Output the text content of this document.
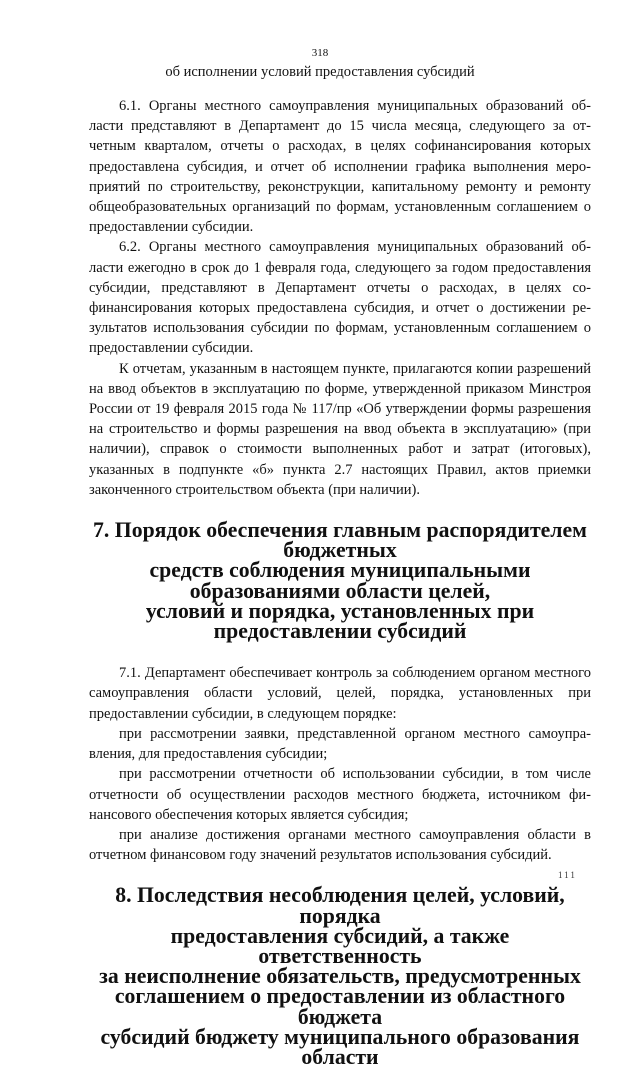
318
об исполнении условий предоставления субсидий

6.1. Органы местного самоуправления муниципальных образований области представляют в Департамент до 15 числа месяца, следующего за отчетным кварталом, отчеты о расходах, в целях софинансирования которых предоставлена субсидия, и отчет об исполнении графика выполнения мероприятий по строительству, реконструкции, капитальному ремонту и ремонту общеобразовательных организаций по формам, установленным соглашением о предоставлении субсидии.

6.2. Органы местного самоуправления муниципальных образований области ежегодно в срок до 1 февраля года, следующего за годом предоставления субсидии, представляют в Департамент отчеты о расходах, в целях софинансирования которых предоставлена субсидия, и отчет о достижении результатов использования субсидии по формам, установленным соглашением о предоставлении субсидии.

К отчетам, указанным в настоящем пункте, прилагаются копии разрешений на ввод объектов в эксплуатацию по форме, утвержденной приказом Минстроя России от 19 февраля 2015 года № 117/пр «Об утверждении формы разрешения на строительство и формы разрешения на ввод объекта в эксплуатацию» (при наличии), справок о стоимости выполненных работ и затрат (итоговых), указанных в подпункте «б» пункта 2.7 настоящих Правил, актов приемки законченного строительством объекта (при наличии).

7. Порядок обеспечения главным распорядителем бюджетных
средств соблюдения муниципальными образованиями области целей,
условий и порядка, установленных при предоставлении субсидий

7.1. Департамент обеспечивает контроль за соблюдением органом местного самоуправления области условий, целей, порядка, установленных при предоставлении субсидии, в следующем порядке:

при рассмотрении заявки, представленной органом местного самоуправления, для предоставления субсидии;

при рассмотрении отчетности об использовании субсидии, в том числе отчетности об осуществлении расходов местного бюджета, источником финансового обеспечения которых является субсидия;

при анализе достижения органами местного самоуправления области в отчетном финансовом году значений результатов использования субсидий.

8. Последствия несоблюдения целей, условий, порядка
предоставления субсидий, а также ответственность
за неисполнение обязательств, предусмотренных
соглашением о предоставлении из областного бюджета
субсидий бюджету муниципального образования области
111
